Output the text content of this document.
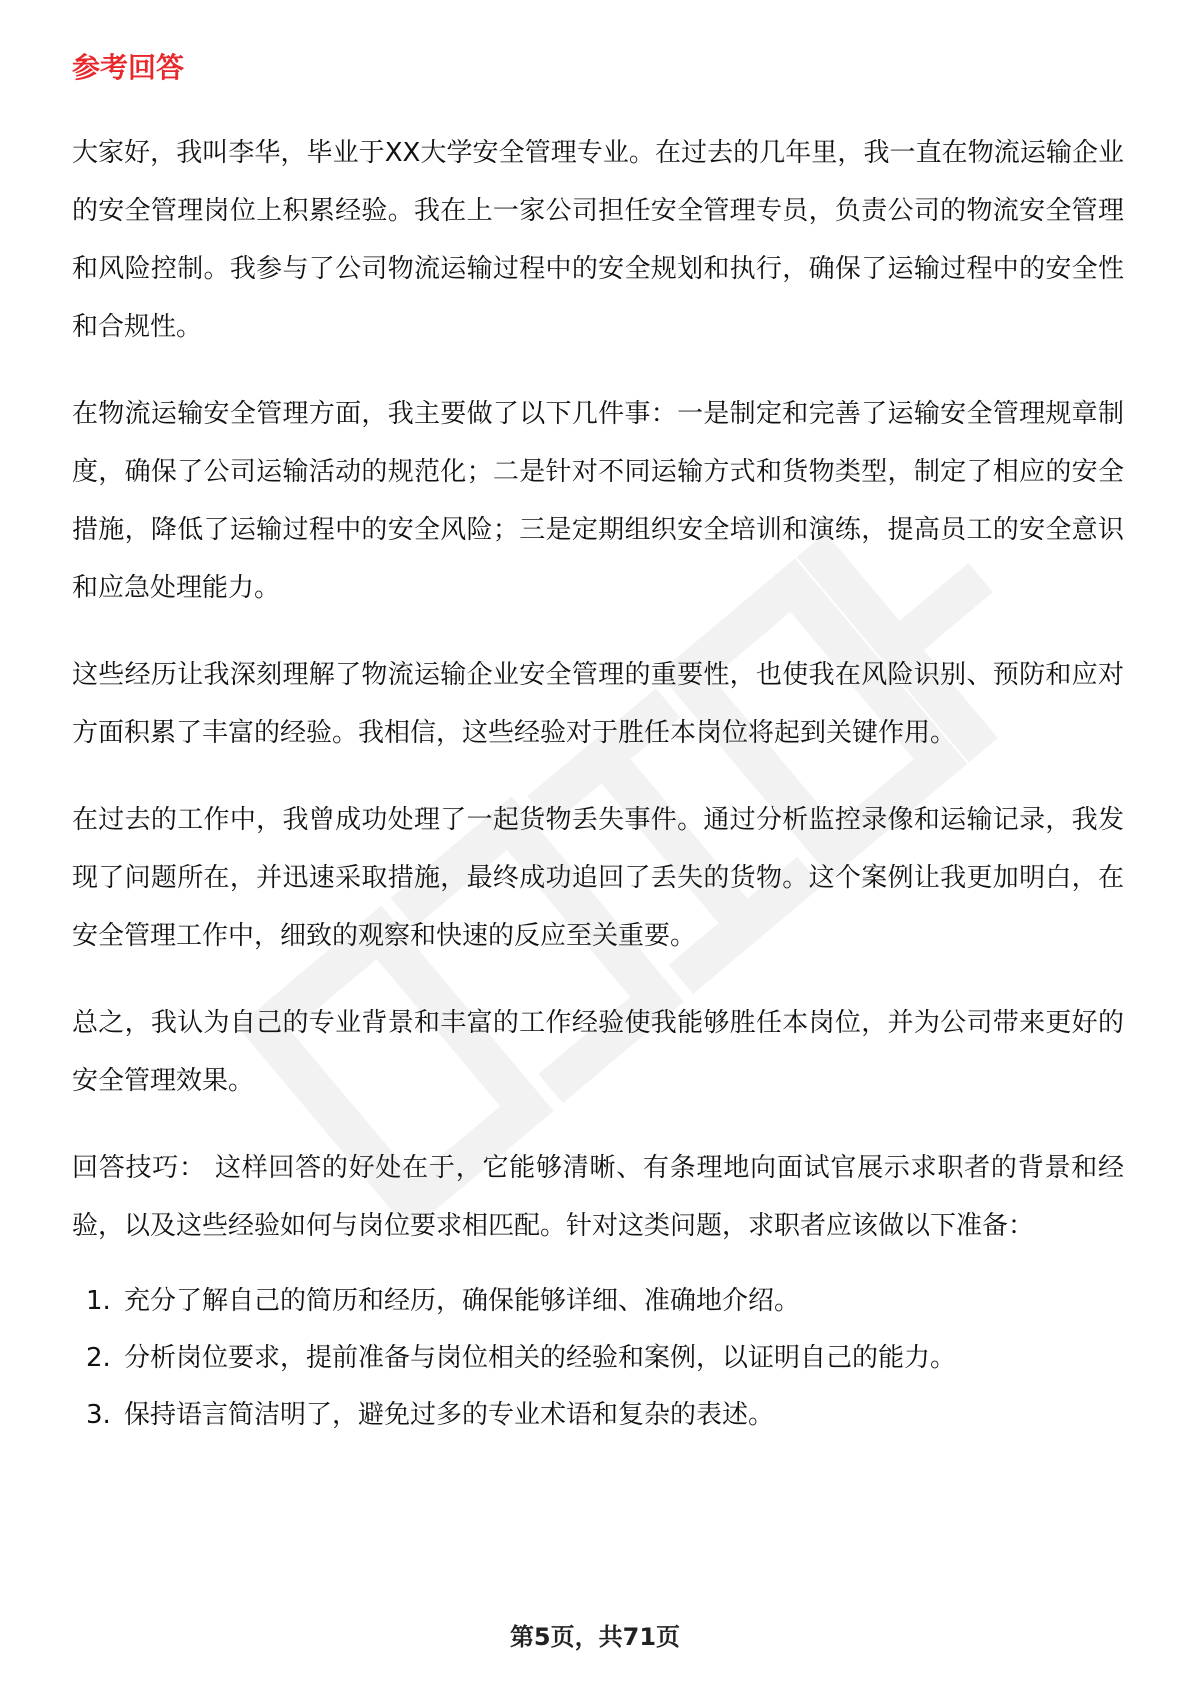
参考回答

大家好，我叫李华，毕业于XX大学安全管理专业。在过去的几年里，我一直在物流运输企业的安全管理岗位上积累经验。我在上一家公司担任安全管理专员，负责公司的物流安全管理和风险控制。我参与了公司物流运输过程中的安全规划和执行，确保了运输过程中的安全性和合规性。

在物流运输安全管理方面，我主要做了以下几件事：一是制定和完善了运输安全管理规章制度，确保了公司运输活动的规范化；二是针对不同运输方式和货物类型，制定了相应的安全措施，降低了运输过程中的安全风险；三是定期组织安全培训和演练，提高员工的安全意识和应急处理能力。

这些经历让我深刻理解了物流运输企业安全管理的重要性，也使我在风险识别、预防和应对方面积累了丰富的经验。我相信，这些经验对于胜任本岗位将起到关键作用。

在过去的工作中，我曾成功处理了一起货物丢失事件。通过分析监控录像和运输记录，我发现了问题所在，并迅速采取措施，最终成功追回了丢失的货物。这个案例让我更加明白，在安全管理工作中，细致的观察和快速的反应至关重要。

总之，我认为自己的专业背景和丰富的工作经验使我能够胜任本岗位，并为公司带来更好的安全管理效果。

回答技巧： 这样回答的好处在于，它能够清晰、有条理地向面试官展示求职者的背景和经验，以及这些经验如何与岗位要求相匹配。针对这类问题，求职者应该做以下准备：

1. 充分了解自己的简历和经历，确保能够详细、准确地介绍。
2. 分析岗位要求，提前准备与岗位相关的经验和案例，以证明自己的能力。
3. 保持语言简洁明了，避免过多的专业术语和复杂的表述。
第5页，共71页
